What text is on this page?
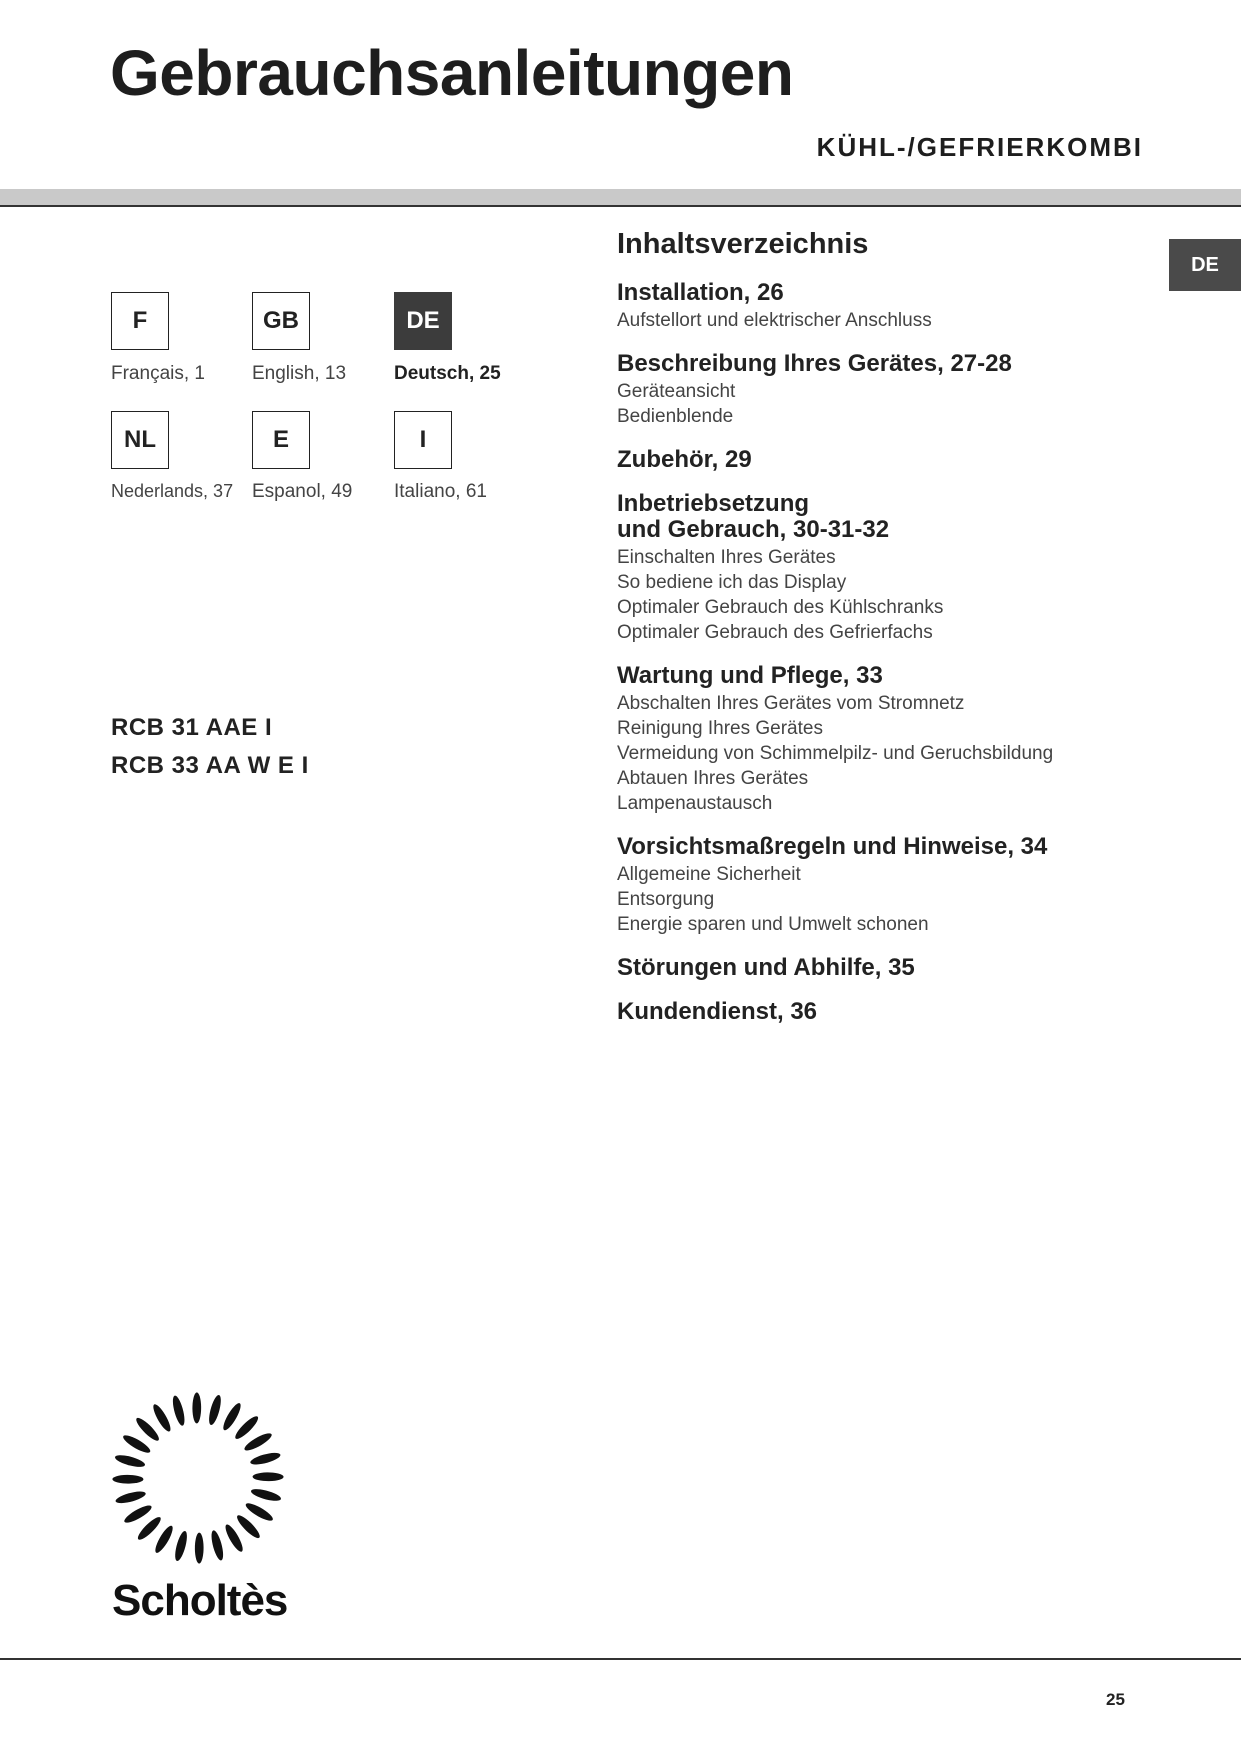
Gebrauchsanleitungen
KÜHL-/GEFRIERKOMBI
DE
F
Français, 1
GB
English, 13
DE
Deutsch, 25
NL
Nederlands, 37
E
Espanol, 49
I
Italiano, 61
RCB 31 AAE I
RCB 33 AA W E I
Inhaltsverzeichnis
Installation, 26
Aufstellort und elektrischer Anschluss
Beschreibung Ihres Gerätes, 27-28
Geräteansicht
Bedienblende
Zubehör, 29
Inbetriebsetzung
und Gebrauch, 30-31-32
Einschalten Ihres Gerätes
So bediene ich das Display
Optimaler Gebrauch des Kühlschranks
Optimaler Gebrauch des Gefrierfachs
Wartung und Pflege, 33
Abschalten Ihres Gerätes vom Stromnetz
Reinigung Ihres Gerätes
Vermeidung von Schimmelpilz- und Geruchsbildung
Abtauen Ihres Gerätes
Lampenaustausch
Vorsichtsmaßregeln und Hinweise, 34
Allgemeine Sicherheit
Entsorgung
Energie sparen und Umwelt schonen
Störungen und Abhilfe, 35
Kundendienst, 36
Scholtès
25
